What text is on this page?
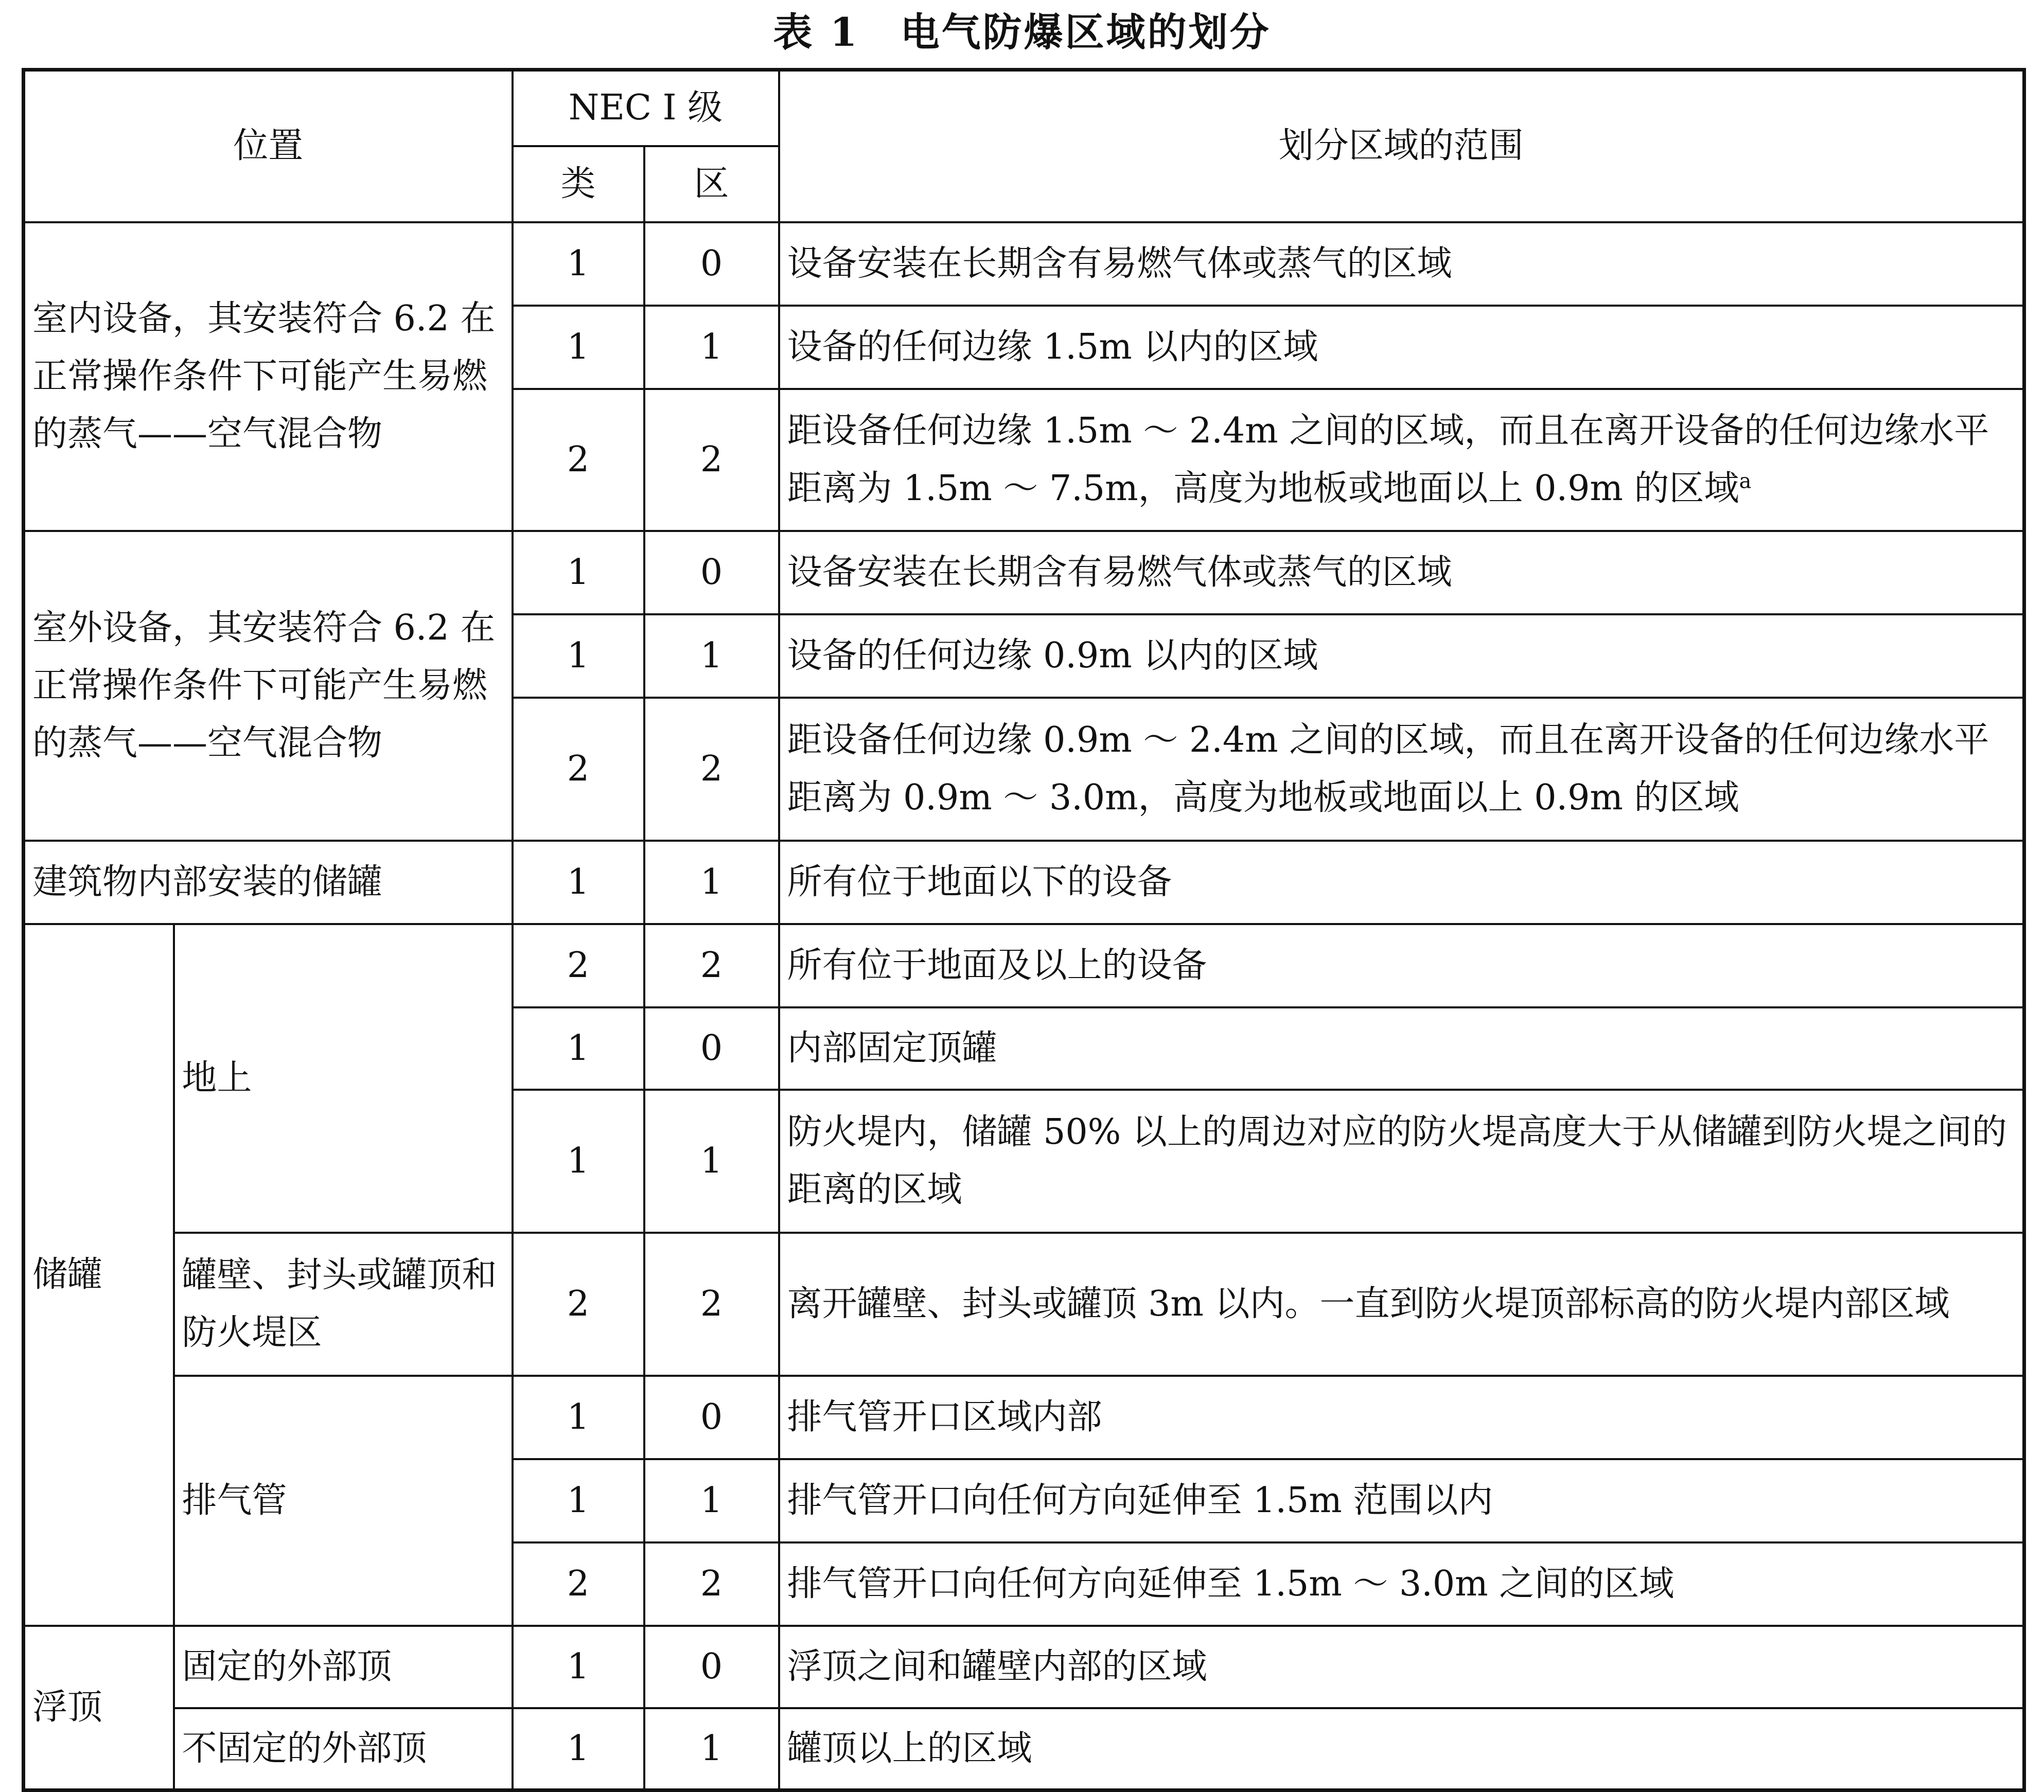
表 1　电气防爆区域的划分
位置		NEC Ⅰ 级		划分区域的范围
		类	区	
室内设备，其安装符合 6.2 在正常操作条件下可能产生易燃的蒸气——空气混合物		1	0	设备安装在长期含有易燃气体或蒸气的区域
		1	1	设备的任何边缘 1.5m 以内的区域
		2	2	距设备任何边缘 1.5m ～ 2.4m 之间的区域，而且在离开设备的任何边缘水平距离为 1.5m ～ 7.5m，高度为地板或地面以上 0.9m 的区域$^a$
室外设备，其安装符合 6.2 在正常操作条件下可能产生易燃的蒸气——空气混合物		1	0	设备安装在长期含有易燃气体或蒸气的区域
		1	1	设备的任何边缘 0.9m 以内的区域
		2	2	距设备任何边缘 0.9m ～ 2.4m 之间的区域，而且在离开设备的任何边缘水平距离为 0.9m ～ 3.0m，高度为地板或地面以上 0.9m 的区域
建筑物内部安装的储罐		1	1	所有位于地面以下的设备
储罐	地上	2	2	所有位于地面及以上的设备
		1	0	内部固定顶罐
		1	1	防火堤内，储罐 50% 以上的周边对应的防火堤高度大于从储罐到防火堤之间的距离的区域
	罐壁、封头或罐顶和防火堤区	2	2	离开罐壁、封头或罐顶 3m 以内。一直到防火堤顶部标高的防火堤内部区域
	排气管	1	0	排气管开口区域内部
		1	1	排气管开口向任何方向延伸至 1.5m 范围以内
		2	2	排气管开口向任何方向延伸至 1.5m ～ 3.0m 之间的区域
浮顶	固定的外部顶	1	0	浮顶之间和罐壁内部的区域
	不固定的外部顶	1	1	罐顶以上的区域
